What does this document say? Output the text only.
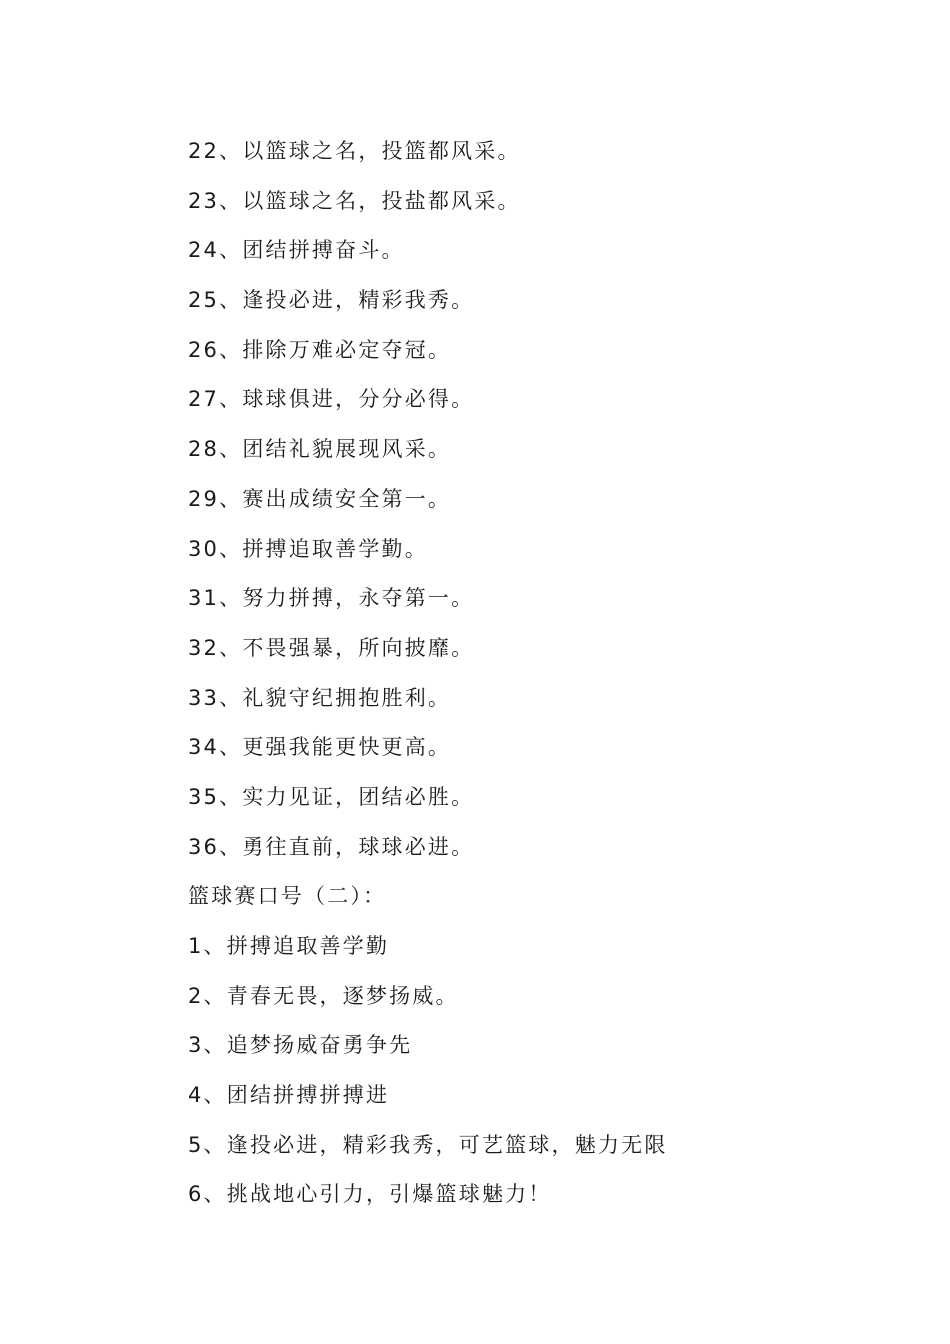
22、以篮球之名，投篮都风采。
23、以篮球之名，投盐都风采。
24、团结拼搏奋斗。
25、逢投必进，精彩我秀。
26、排除万难必定夺冠。
27、球球俱进，分分必得。
28、团结礼貌展现风采。
29、赛出成绩安全第一。
30、拼搏追取善学勤。
31、努力拼搏，永夺第一。
32、不畏强暴，所向披靡。
33、礼貌守纪拥抱胜利。
34、更强我能更快更高。
35、实力见证，团结必胜。
36、勇往直前，球球必进。
篮球赛口号（二）：
1、拼搏追取善学勤
2、青春无畏，逐梦扬威。
3、追梦扬威奋勇争先
4、团结拼搏拼搏进
5、逢投必进，精彩我秀，可艺篮球，魅力无限
6、挑战地心引力，引爆篮球魅力！
